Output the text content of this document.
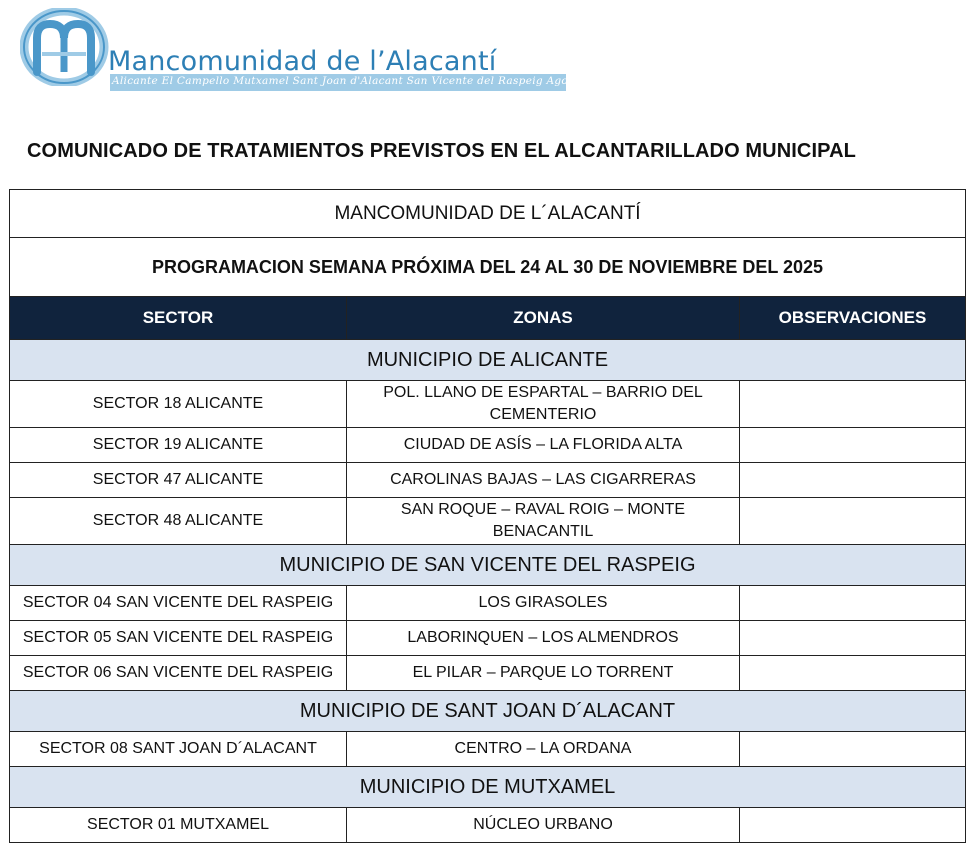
Mancomunidad de l’Alacantí
Alicante El Campello Mutxamel Sant Joan d'Alacant San Vicente del Raspeig Agost
COMUNICADO DE TRATAMIENTOS PREVISTOS EN EL ALCANTARILLADO MUNICIPAL
MANCOMUNIDAD DE L´ALACANTÍ		
PROGRAMACION SEMANA PRÓXIMA DEL 24 AL 30 DE NOVIEMBRE DEL 2025		
SECTOR	ZONAS	OBSERVACIONES
MUNICIPIO DE ALICANTE		
SECTOR 18 ALICANTE	POL. LLANO DE ESPARTAL – BARRIO DEL CEMENTERIO	
SECTOR 19 ALICANTE	CIUDAD DE ASÍS – LA FLORIDA ALTA	
SECTOR 47 ALICANTE	CAROLINAS BAJAS – LAS CIGARRERAS	
SECTOR 48 ALICANTE	SAN ROQUE – RAVAL ROIG – MONTE BENACANTIL	
MUNICIPIO DE SAN VICENTE DEL RASPEIG		
SECTOR 04 SAN VICENTE DEL RASPEIG	LOS GIRASOLES	
SECTOR 05 SAN VICENTE DEL RASPEIG	LABORINQUEN – LOS ALMENDROS	
SECTOR 06 SAN VICENTE DEL RASPEIG	EL PILAR – PARQUE LO TORRENT	
MUNICIPIO DE SANT JOAN D´ALACANT		
SECTOR 08 SANT JOAN D´ALACANT	CENTRO – LA ORDANA	
MUNICIPIO DE MUTXAMEL		
SECTOR 01 MUTXAMEL	NÚCLEO URBANO	
